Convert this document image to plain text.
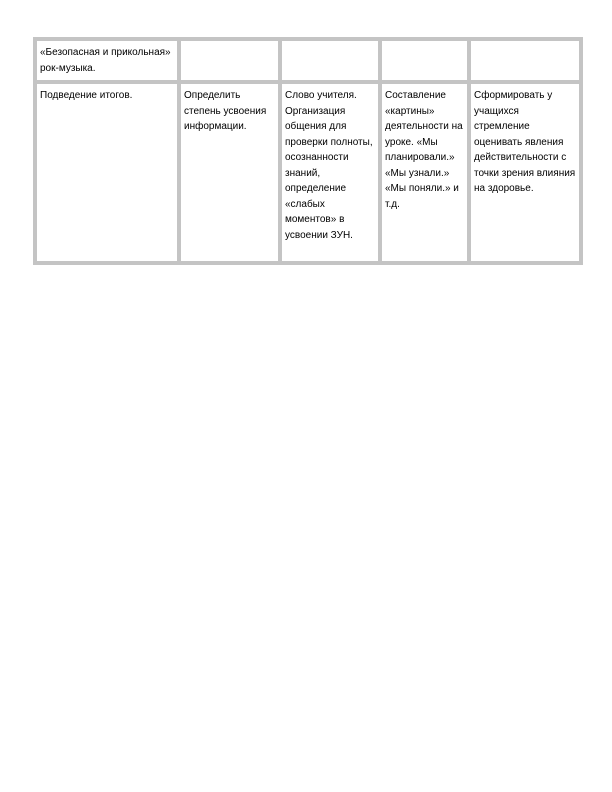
«Безопасная и прикольная» рок-музыка.				

Подведение итогов.	Определить степень усвоения информации.	Слово учителя. Организация общения для проверки полноты, осознанности знаний, определение «слабых моментов» в усвоении ЗУН.	Составление «картины» деятельности на уроке. «Мы планировали.» «Мы узнали.» «Мы поняли.» и т.д.	Сформировать у учащихся стремление оценивать явления действительности с точки зрения влияния на здоровье.
